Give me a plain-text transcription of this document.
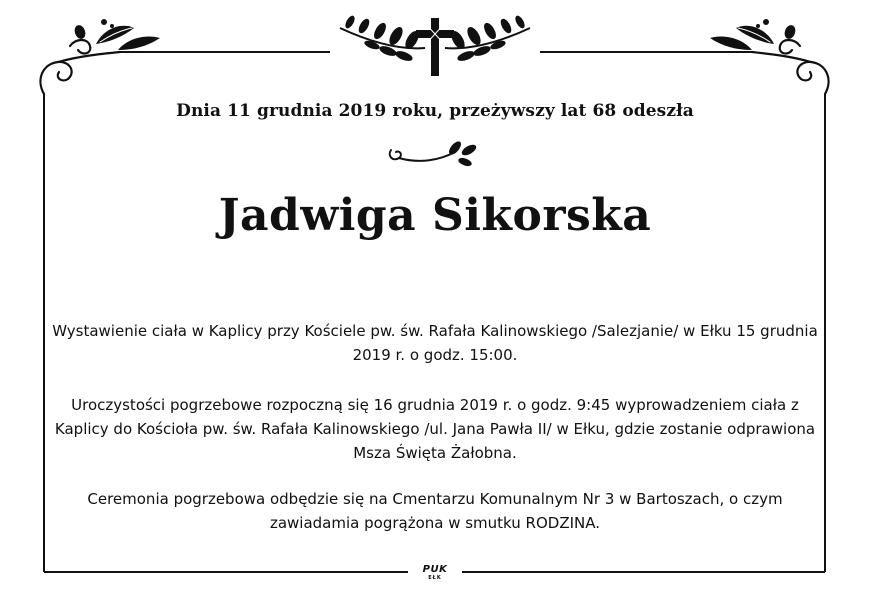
Dnia 11 grudnia 2019 roku, przeżywszy lat 68 odeszła
Jadwiga Sikorska

Wystawienie ciała w Kaplicy przy Kościele pw. św. Rafała Kalinowskiego /Salezjanie/ w Ełku 15 grudnia 2019 r. o godz. 15:00.

Uroczystości pogrzebowe rozpoczną się 16 grudnia 2019 r. o godz. 9:45 wyprowadzeniem ciała z Kaplicy do Kościoła pw. św. Rafała Kalinowskiego /ul. Jana Pawła II/ w Ełku, gdzie zostanie odprawiona Msza Święta Żałobna.

Ceremonia pogrzebowa odbędzie się na Cmentarzu Komunalnym Nr 3 w Bartoszach, o czym zawiadamia pogrążona w smutku RODZINA.

PUK
EŁK
